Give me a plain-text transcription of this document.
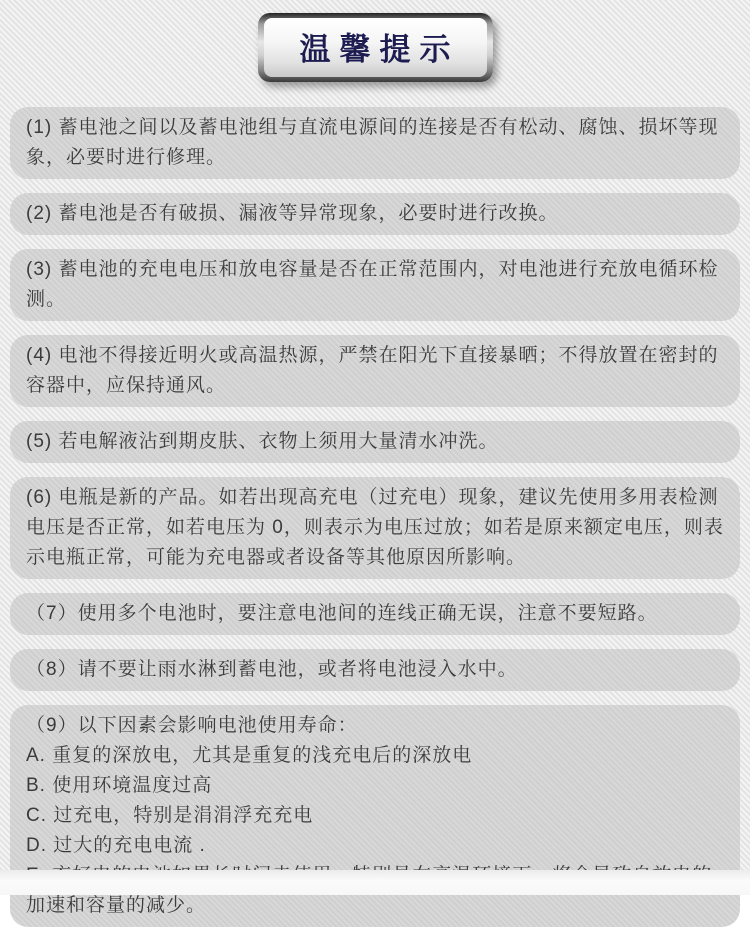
温馨提示
(1) 蓄电池之间以及蓄电池组与直流电源间的连接是否有松动、腐蚀、损坏等现象，必要时进行修理。
(2) 蓄电池是否有破损、漏液等异常现象，必要时进行改换。
(3) 蓄电池的充电电压和放电容量是否在正常范围内，对电池进行充放电循环检测。
(4) 电池不得接近明火或高温热源，严禁在阳光下直接暴晒；不得放置在密封的容器中，应保持通风。
(5) 若电解液沾到期皮肤、衣物上须用大量清水冲洗。
(6) 电瓶是新的产品。如若出现高充电（过充电）现象，建议先使用多用表检测电压是否正常，如若电压为 0，则表示为电压过放；如若是原来额定电压，则表示电瓶正常，可能为充电器或者设备等其他原因所影响。
（7）使用多个电池时，要注意电池间的连线正确无误，注意不要短路。
（8）请不要让雨水淋到蓄电池，或者将电池浸入水中。
（9）以下因素会影响电池使用寿命：
A. 重复的深放电，尤其是重复的浅充电后的深放电
B. 使用环境温度过高
C. 过充电，特别是涓涓浮充充电
D. 过大的充电电流 .
加速和容量的减少。
